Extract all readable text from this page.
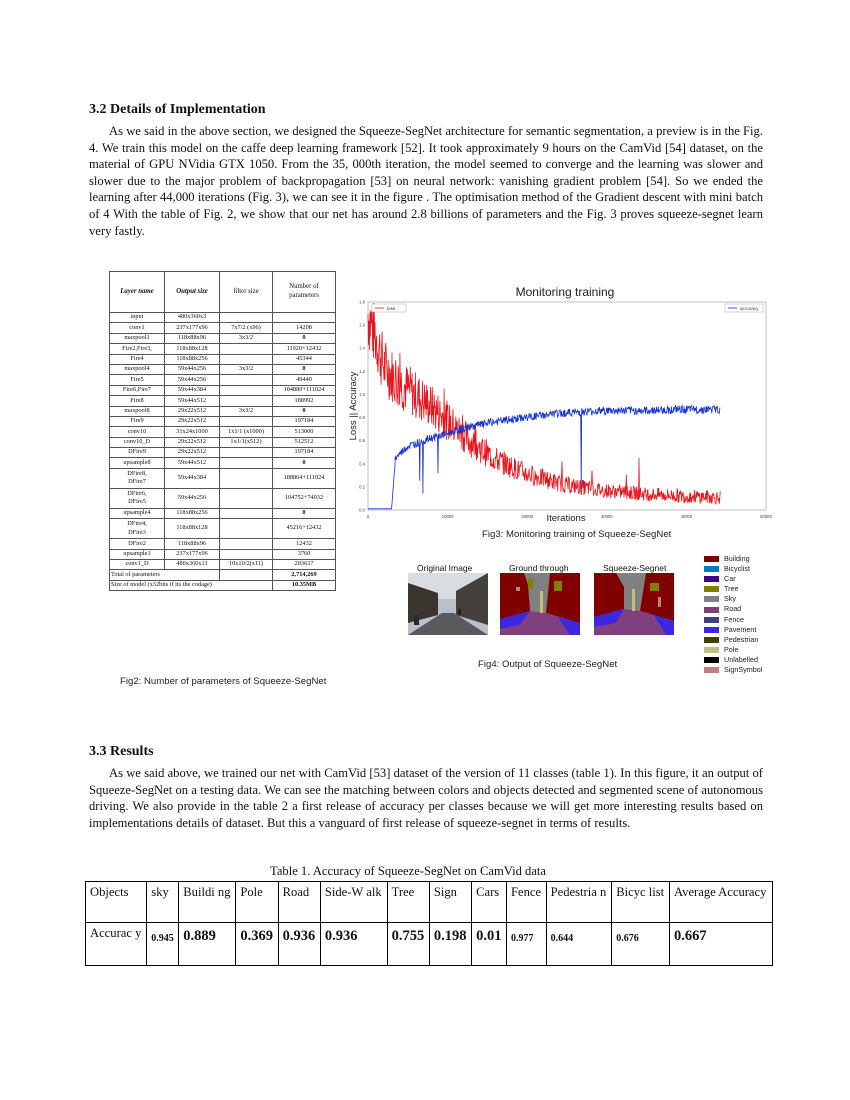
3.2 Details of Implementation

As we said in the above section, we designed the Squeeze-SegNet architecture for semantic segmentation, a preview is in the Fig. 4. We train this model on the caffe deep learning framework [52]. It took approximately 9 hours on the CamVid [54] dataset, on the material of GPU NVidia GTX 1050. From the 35, 000th iteration, the model seemed to converge and the learning was slower and slower due to the major problem of backpropagation [53] on neural network: vanishing gradient problem [54]. So we ended the learning after 44,000 iterations (Fig. 3), we can see it in the figure . The optimisation method of the Gradient descent with mini batch of 4 With the table of Fig. 2, we show that our net has around 2.8 billions of parameters and the Fig. 3 proves squeeze-segnet learn very fastly.

Layer name	Output size	filter size	Number of parameters
input	480x360x3		
conv1	237x177x96	7x7/2 (x96)	14208
maxpool1	118x88x96	3x3/2	0
Fire2,Fire3,	118x88x128		11920+12432
Fire4	118x88x256		45344
maxpool4	59x44x256	3x3/2	0
Fire5	59x44x256		49440
Fire6,Fire7	59x44x384		104880+111024
Fire8	59x44x512		188992
maxpool8	29x22x512	3x3/2	0
Fire9	29x22x512		197184
conv10	31x24x1000	1x1/1 (x1000)	513000
conv10_D	29x22x512	1x1/1(x512)	512512
DFire9	29x22x512		197184
upsample8	59x44x512		0
DFire8,
DFire7	59x44x384		188864+111024
DFire6,
DFire5	59x44x256		104752+74032
upsample4	118x88x256		0
DFire4,
DFire3	118x88x128		45216+12432
DFire2	118x88x96		12432
upsample1	237x177x96		3760
conv1_D	480x360x11	10x10/2(x11)	203637
Total of parameters			2,714,269
Size of model (x32bits if its the codage)			10.35MB
Fig2: Number of parameters of Squeeze-SegNet
Monitoring training
0	10000	20000	30000	40000	50000
0.0
0.2
0.4
0.6
0.8
1.0
1.2
1.4
1.6
1.8
loss	accuracy
Loss || Accuracy
Iterations
Fig3: Monitoring training of Squeeze-SegNet
Original Image	Ground through	Squeeze-Segnet
Building
Bicyclist
Car
Tree
Sky
Road
Fence
Pavement
Pedestrian
Pole
Unlabelled
SignSymbol
Fig4: Output of Squeeze-SegNet
3.3 Results

As we said above, we trained our net with CamVid [53] dataset of the version of 11 classes (table 1). In this figure, it an output of Squeeze-SegNet on a testing data. We can see the matching between colors and objects detected and segmented scene of autonomous driving. We also provide in the table 2 a first release of accuracy per classes because we will get more interesting results based on implementations details of dataset. But this a vanguard of first release of squeeze-segnet in terms of results.

Table 1. Accuracy of Squeeze-SegNet on CamVid data
Objects	sky	Buildi ng	Pole	Road	Side-W alk	Tree	Sign	Cars	Fence	Pedestria n	Bicyc list	Average Accuracy
Accurac y	0.945	0.889	0.369	0.936	0.936	0.755	0.198	0.01	0.977	0.644	0.676	0.667
